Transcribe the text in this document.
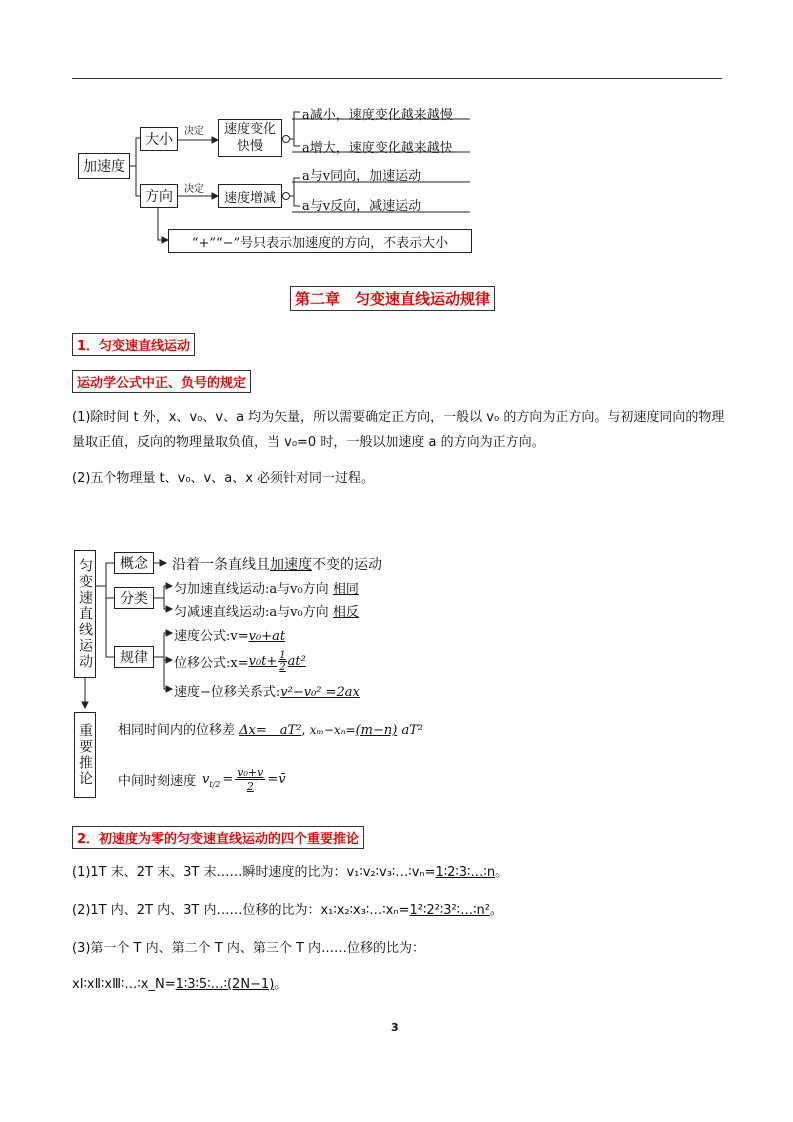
加速度
大小
方向
决定
决定
速度变化
快慢
速度增减
a减小，速度变化越来越慢
a增大，速度变化越来越快
a与v同向，加速运动
a与v反向，减速运动
“+”“−”号只表示加速度的方向，不表示大小
第二章　匀变速直线运动规律
1．匀变速直线运动
运动学公式中正、负号的规定
(1)除时间 t 外，x、v₀、v、a 均为矢量，所以需要确定正方向，一般以 v₀ 的方向为正方向。与初速度同向的物理量取正值，反向的物理量取负值，当 v₀=0 时，一般以加速度 a 的方向为正方向。
(2)五个物理量 t、v₀、v、a、x 必须针对同一过程。
匀变速直线运动 概念
分类
规律
沿着一条直线且加速度不变的运动
匀加速直线运动:a与v₀方向 相同
匀减速直线运动:a与v₀方向 相反
速度公式:v=v₀+at
位移公式:x= $v_0t+ \frac{1}{2} at^2$
速度−位移关系式:v²−v₀² =2ax
重要推论 相同时间内的位移差 Δx=　aT², xₘ−xₙ=(m−n) aT²
中间时刻速度 v $t/2 = \frac{\text{v₀+v}}{2}$ =v̄
2．初速度为零的匀变速直线运动的四个重要推论
(1)1T 末、2T 末、3T 末……瞬时速度的比为：v₁∶v₂∶v₃∶…∶vₙ=1∶2∶3∶…∶n。
(2)1T 内、2T 内、3T 内……位移的比为：x₁∶x₂∶x₃∶…∶xₙ=1²∶2²∶3²∶…∶n²。
(3)第一个 T 内、第二个 T 内、第三个 T 内……位移的比为：
xⅠ∶xⅡ∶xⅢ∶…∶x_N=1∶3∶5∶…∶(2N−1)。
3
